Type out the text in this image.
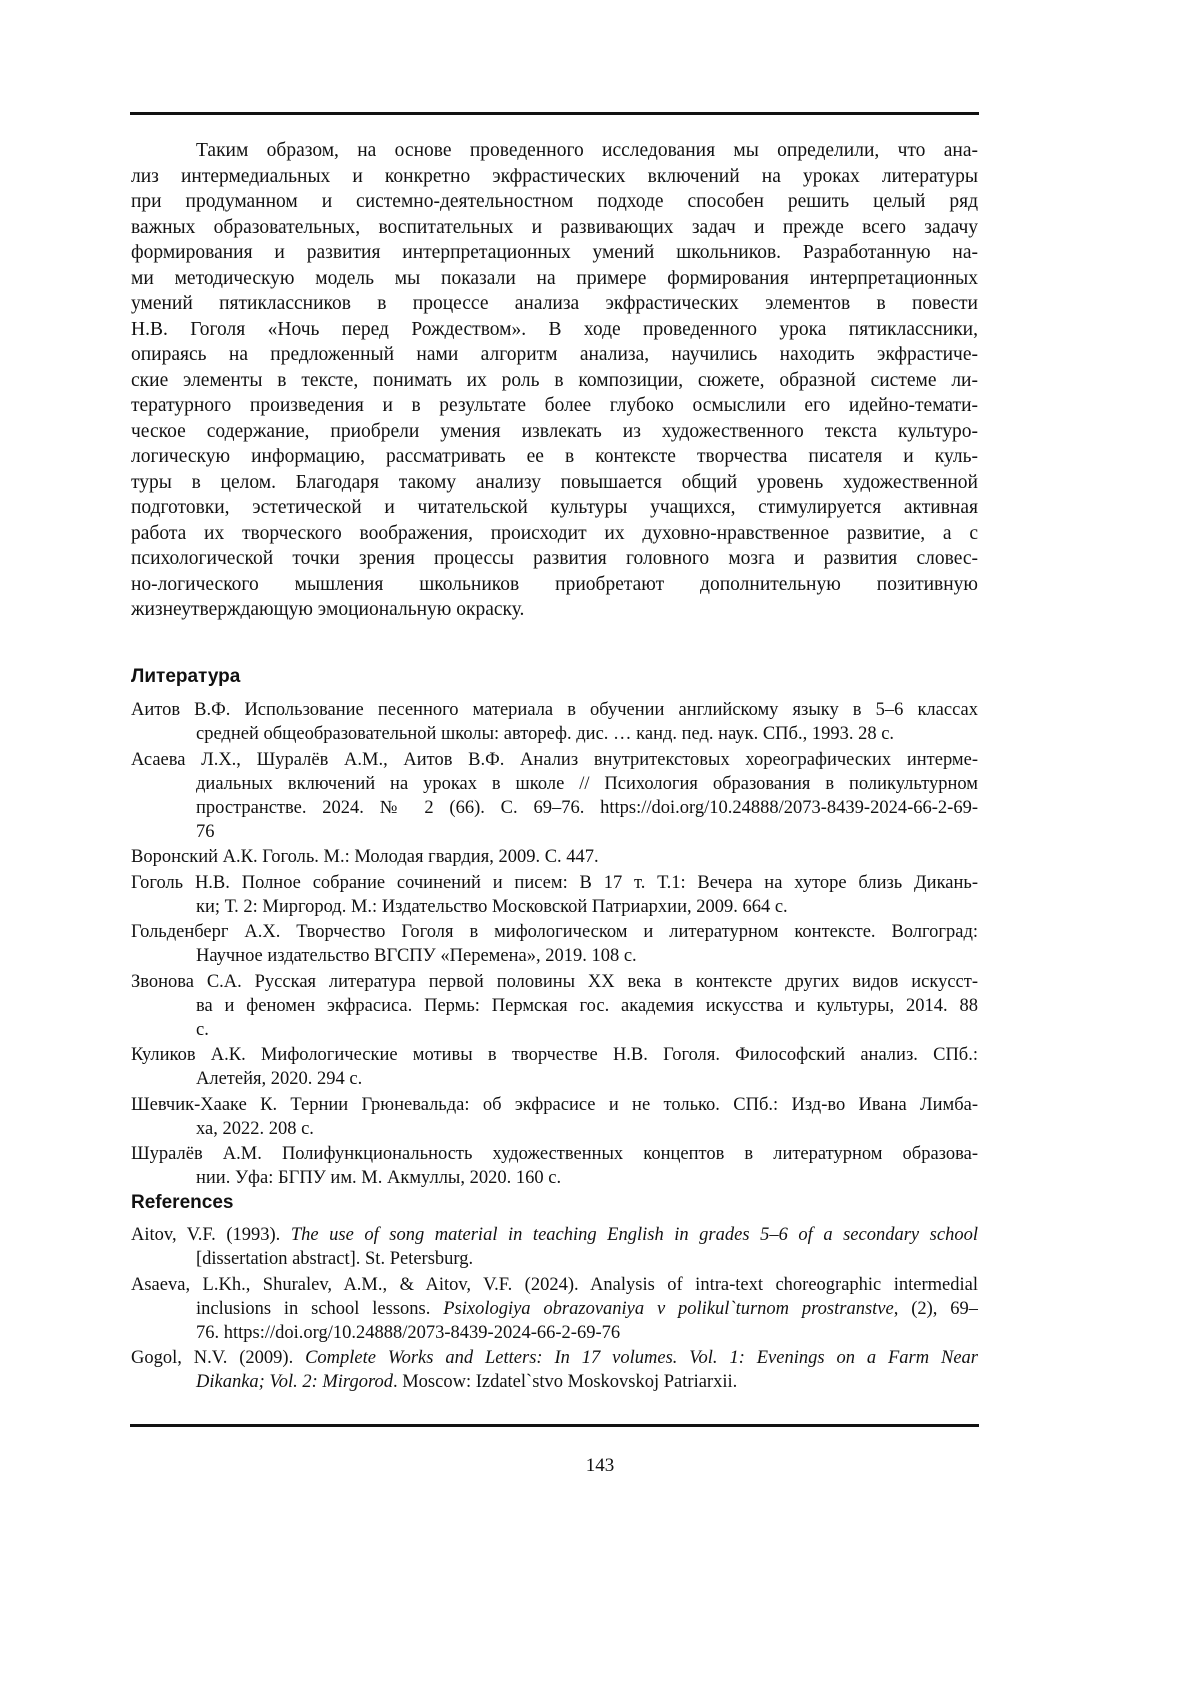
Таким образом, на основе проведенного исследования мы определили, что ана-
лиз интермедиальных и конкретно экфрастических включений на уроках литературы
при продуманном и системно-деятельностном подходе способен решить целый ряд
важных образовательных, воспитательных и развивающих задач и прежде всего задачу
формирования и развития интерпретационных умений школьников. Разработанную на-
ми методическую модель мы показали на примере формирования интерпретационных
умений пятиклассников в процессе анализа экфрастических элементов в повести
Н.В. Гоголя «Ночь перед Рождеством». В ходе проведенного урока пятиклассники,
опираясь на предложенный нами алгоритм анализа, научились находить экфрастиче-
ские элементы в тексте, понимать их роль в композиции, сюжете, образной системе ли-
тературного произведения и в результате более глубоко осмыслили его идейно-темати-
ческое содержание, приобрели умения извлекать из художественного текста культуро-
логическую информацию, рассматривать ее в контексте творчества писателя и куль-
туры в целом. Благодаря такому анализу повышается общий уровень художественной
подготовки, эстетической и читательской культуры учащихся, стимулируется активная
работа их творческого воображения, происходит их духовно-нравственное развитие, а с
психологической точки зрения процессы развития головного мозга и развития словес-
но-логического мышления школьников приобретают дополнительную позитивную
жизнеутверждающую эмоциональную окраску.
Литература
Аитов В.Ф. Использование песенного материала в обучении английскому языку в 5–6 классах
средней общеобразовательной школы: автореф. дис. … канд. пед. наук. СПб., 1993. 28 с.
Асаева Л.Х., Шуралёв А.М., Аитов В.Ф. Анализ внутритекстовых хореографических интерме-
диальных включений на уроках в школе // Психология образования в поликультурном
пространстве. 2024. № 2 (66). С. 69–76. https://doi.org/10.24888/2073-8439-2024-66-2-69-
76
Воронский А.К. Гоголь. М.: Молодая гвардия, 2009. С. 447.
Гоголь Н.В. Полное собрание сочинений и писем: В 17 т. Т.1: Вечера на хуторе близь Дикань-
ки; Т. 2: Миргород. М.: Издательство Московской Патриархии, 2009. 664 с.
Гольденберг А.Х. Творчество Гоголя в мифологическом и литературном контексте. Волгоград:
Научное издательство ВГСПУ «Перемена», 2019. 108 с.
Звонова С.А. Русская литература первой половины XX века в контексте других видов искусст-
ва и феномен экфрасиса. Пермь: Пермская гос. академия искусства и культуры, 2014. 88
с.
Куликов А.К. Мифологические мотивы в творчестве Н.В. Гоголя. Философский анализ. СПб.:
Алетейя, 2020. 294 с.
Шевчик-Хааке К. Тернии Грюневальда: об экфрасисе и не только. СПб.: Изд-во Ивана Лимба-
ха, 2022. 208 с.
Шуралёв А.М. Полифункциональность художественных концептов в литературном образова-
нии. Уфа: БГПУ им. М. Акмуллы, 2020. 160 с.
References
Aitov, V.F. (1993). The use of song material in teaching English in grades 5–6 of a secondary school
[dissertation abstract]. St. Petersburg.
Asaeva, L.Kh., Shuralev, A.M., & Aitov, V.F. (2024). Analysis of intra-text choreographic intermedial
inclusions in school lessons. Psixologiya obrazovaniya v polikul`turnom prostranstve, (2), 69–
76. https://doi.org/10.24888/2073-8439-2024-66-2-69-76
Gogol, N.V. (2009). Complete Works and Letters: In 17 volumes. Vol. 1: Evenings on a Farm Near
Dikanka; Vol. 2: Mirgorod. Moscow: Izdatel`stvo Moskovskoj Patriarxii.
143
